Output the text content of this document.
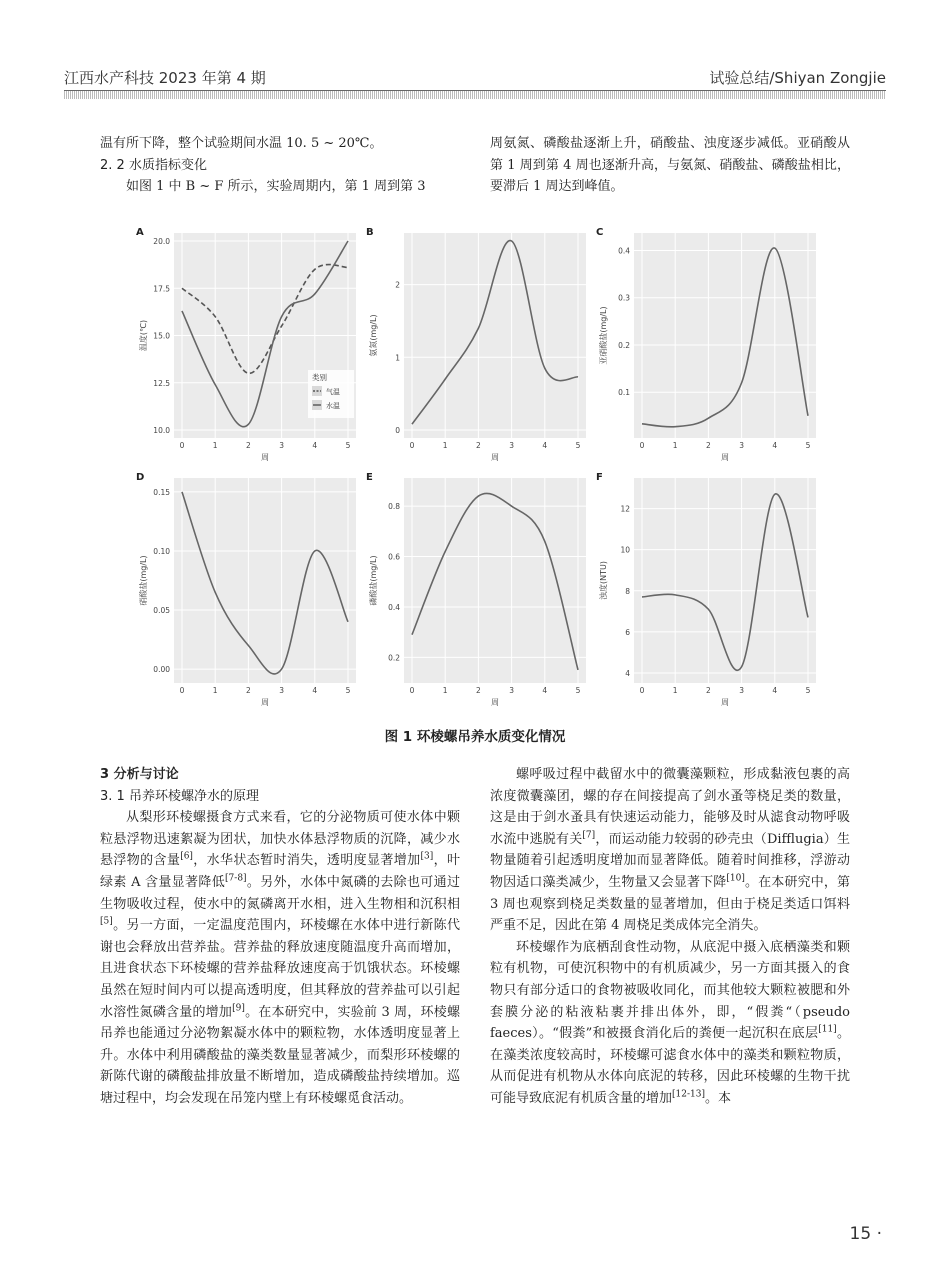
江西水产科技 2023 年第 4 期	试验总结/Shiyan Zongjie

温有所下降，整个试验期间水温 10. 5 ~ 20℃。

2. 2 水质指标变化

如图 1 中 B ~ F 所示，实验周期内，第 1 周到第 3

周氨氮、磷酸盐逐渐上升，硝酸盐、浊度逐步减低。亚硝酸从第 1 周到第 4 周也逐渐升高，与氨氮、硝酸盐、磷酸盐相比，要滞后 1 周达到峰值。

10.0
12.5
15.0
17.5
20.0
0	1	2	3	4	5
A
周
温度(℃)
类别
气温
水温
0
1
2
0	1	2	3	4	5
B
周
氨氮(mg/L)
0.1
0.2
0.3
0.4
0	1	2	3	4	5
C
周
亚硝酸盐(mg/L)
0.00
0.05
0.10
0.15
0	1	2	3	4	5
D
周
硝酸盐(mg/L)
0.2
0.4
0.6
0.8
0	1	2	3	4	5
E
周
磷酸盐(mg/L)
4
6
8
10
12
0	1	2	3	4	5
F
周
浊度(NTU)
图 1 环棱螺吊养水质变化情况

3 分析与讨论

3. 1 吊养环棱螺净水的原理

从梨形环棱螺摄食方式来看，它的分泌物质可使水体中颗粒悬浮物迅速絮凝为团状，加快水体悬浮物质的沉降，减少水悬浮物的含量[6]，水华状态暂时消失，透明度显著增加[3]，叶绿素 A 含量显著降低[7-8]。另外，水体中氮磷的去除也可通过生物吸收过程，使水中的氮磷离开水相，进入生物相和沉积相[5]。另一方面，一定温度范围内，环棱螺在水体中进行新陈代谢也会释放出营养盐。营养盐的释放速度随温度升高而增加，且进食状态下环棱螺的营养盐释放速度高于饥饿状态。环棱螺虽然在短时间内可以提高透明度，但其释放的营养盐可以引起水溶性氮磷含量的增加[9]。在本研究中，实验前 3 周，环棱螺吊养也能通过分泌物絮凝水体中的颗粒物，水体透明度显著上升。水体中利用磷酸盐的藻类数量显著减少，而梨形环棱螺的新陈代谢的磷酸盐排放量不断增加，造成磷酸盐持续增加。巡塘过程中，均会发现在吊笼内壁上有环棱螺觅食活动。

螺呼吸过程中截留水中的微囊藻颗粒，形成黏液包裹的高浓度微囊藻团，螺的存在间接提高了剑水蚤等桡足类的数量，这是由于剑水蚤具有快速运动能力，能够及时从滤食动物呼吸水流中逃脱有关[7]，而运动能力较弱的砂壳虫（Difflugia）生物量随着引起透明度增加而显著降低。随着时间推移，浮游动物因适口藻类减少，生物量又会显著下降[10]。在本研究中，第 3 周也观察到桡足类数量的显著增加，但由于桡足类适口饵料严重不足，因此在第 4 周桡足类成体完全消失。

环棱螺作为底栖刮食性动物，从底泥中摄入底栖藻类和颗粒有机物，可使沉积物中的有机质减少，另一方面其摄入的食物只有部分适口的食物被吸收同化，而其他较大颗粒被腮和外套膜分泌的粘液粘裹并排出体外，即，“假粪“（pseudo faeces）。“假粪”和被摄食消化后的粪便一起沉积在底层[11]。在藻类浓度较高时，环棱螺可滤食水体中的藻类和颗粒物质，从而促进有机物从水体向底泥的转移，因此环棱螺的生物干扰可能导致底泥有机质含量的增加[12-13]。本

15 ·
